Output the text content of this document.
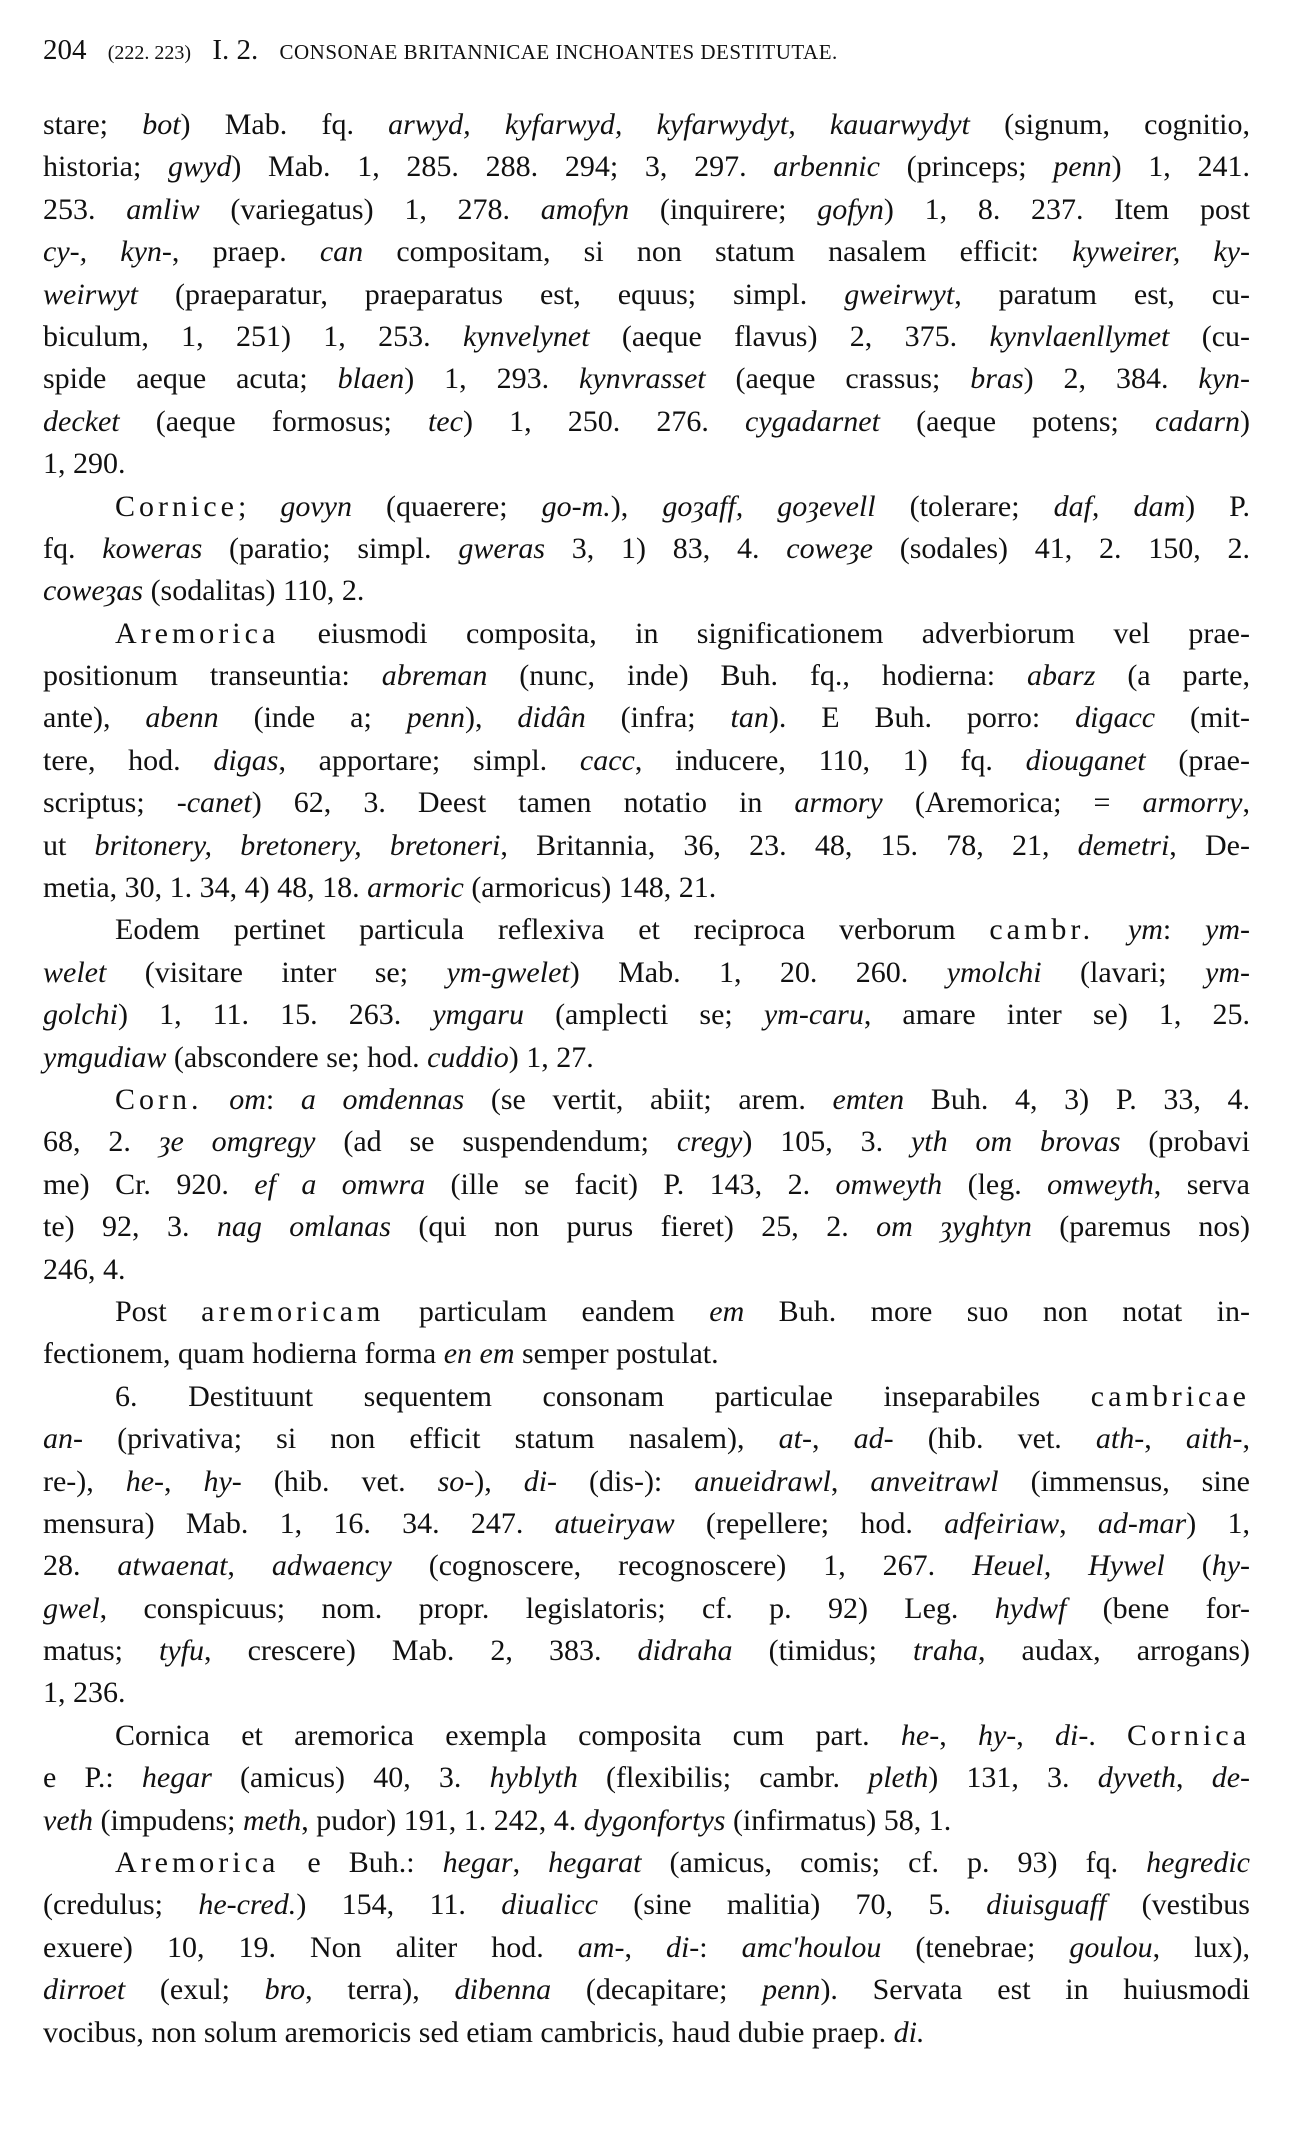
204 (222. 223) I. 2. CONSONAE BRITANNICAE INCHOANTES DESTITUTAE.
stare; bot) Mab. fq. arwyd, kyfarwyd, kyfarwydyt, kauarwydyt (signum, cognitio,
historia; gwyd) Mab. 1, 285. 288. 294; 3, 297. arbennic (princeps; penn) 1, 241.
253. amliw (variegatus) 1, 278. amofyn (inquirere; gofyn) 1, 8. 237. Item post
cy-, kyn-, praep. can compositam, si non statum nasalem efficit: kyweirer, ky-
weirwyt (praeparatur, praeparatus est, equus; simpl. gweirwyt, paratum est, cu-
biculum, 1, 251) 1, 253. kynvelynet (aeque flavus) 2, 375. kynvlaenllymet (cu-
spide aeque acuta; blaen) 1, 293. kynvrasset (aeque crassus; bras) 2, 384. kyn-
decket (aeque formosus; tec) 1, 250. 276. cygadarnet (aeque potens; cadarn)
1, 290.
Cornice; govyn (quaerere; go-m.), goȝaff, goȝevell (tolerare; daf, dam) P.
fq. koweras (paratio; simpl. gweras 3, 1) 83, 4. coweȝe (sodales) 41, 2. 150, 2.
coweȝas (sodalitas) 110, 2.
Aremorica eiusmodi composita, in significationem adverbiorum vel prae-
positionum transeuntia: abreman (nunc, inde) Buh. fq., hodierna: abarz (a parte,
ante), abenn (inde a; penn), didân (infra; tan). E Buh. porro: digacc (mit-
tere, hod. digas, apportare; simpl. cacc, inducere, 110, 1) fq. diouganet (prae-
scriptus; -canet) 62, 3. Deest tamen notatio in armory (Aremorica; = armorry,
ut britonery, bretonery, bretoneri, Britannia, 36, 23. 48, 15. 78, 21, demetri, De-
metia, 30, 1. 34, 4) 48, 18. armoric (armoricus) 148, 21.
Eodem pertinet particula reflexiva et reciproca verborum cambr. ym: ym-
welet (visitare inter se; ym-gwelet) Mab. 1, 20. 260. ymolchi (lavari; ym-
golchi) 1, 11. 15. 263. ymgaru (amplecti se; ym-caru, amare inter se) 1, 25.
ymgudiaw (abscondere se; hod. cuddio) 1, 27.
Corn. om: a omdennas (se vertit, abiit; arem. emten Buh. 4, 3) P. 33, 4.
68, 2. ȝe omgregy (ad se suspendendum; cregy) 105, 3. yth om brovas (probavi
me) Cr. 920. ef a omwra (ille se facit) P. 143, 2. omweyth (leg. omweyth, serva
te) 92, 3. nag omlanas (qui non purus fieret) 25, 2. om ȝyghtyn (paremus nos)
246, 4.
Post aremoricam particulam eandem em Buh. more suo non notat in-
fectionem, quam hodierna forma en em semper postulat.
6. Destituunt sequentem consonam particulae inseparabiles cambricae
an- (privativa; si non efficit statum nasalem), at-, ad- (hib. vet. ath-, aith-,
re-), he-, hy- (hib. vet. so-), di- (dis-): anueidrawl, anveitrawl (immensus, sine
mensura) Mab. 1, 16. 34. 247. atueiryaw (repellere; hod. adfeiriaw, ad-mar) 1,
28. atwaenat, adwaency (cognoscere, recognoscere) 1, 267. Heuel, Hywel (hy-
gwel, conspicuus; nom. propr. legislatoris; cf. p. 92) Leg. hydwf (bene for-
matus; tyfu, crescere) Mab. 2, 383. didraha (timidus; traha, audax, arrogans)
1, 236.
Cornica et aremorica exempla composita cum part. he-, hy-, di-. Cornica
e P.: hegar (amicus) 40, 3. hyblyth (flexibilis; cambr. pleth) 131, 3. dyveth, de-
veth (impudens; meth, pudor) 191, 1. 242, 4. dygonfortys (infirmatus) 58, 1.
Aremorica e Buh.: hegar, hegarat (amicus, comis; cf. p. 93) fq. hegredic
(credulus; he-cred.) 154, 11. diualicc (sine malitia) 70, 5. diuisguaff (vestibus
exuere) 10, 19. Non aliter hod. am-, di-: amc'houlou (tenebrae; goulou, lux),
dirroet (exul; bro, terra), dibenna (decapitare; penn). Servata est in huiusmodi
vocibus, non solum aremoricis sed etiam cambricis, haud dubie praep. di.
